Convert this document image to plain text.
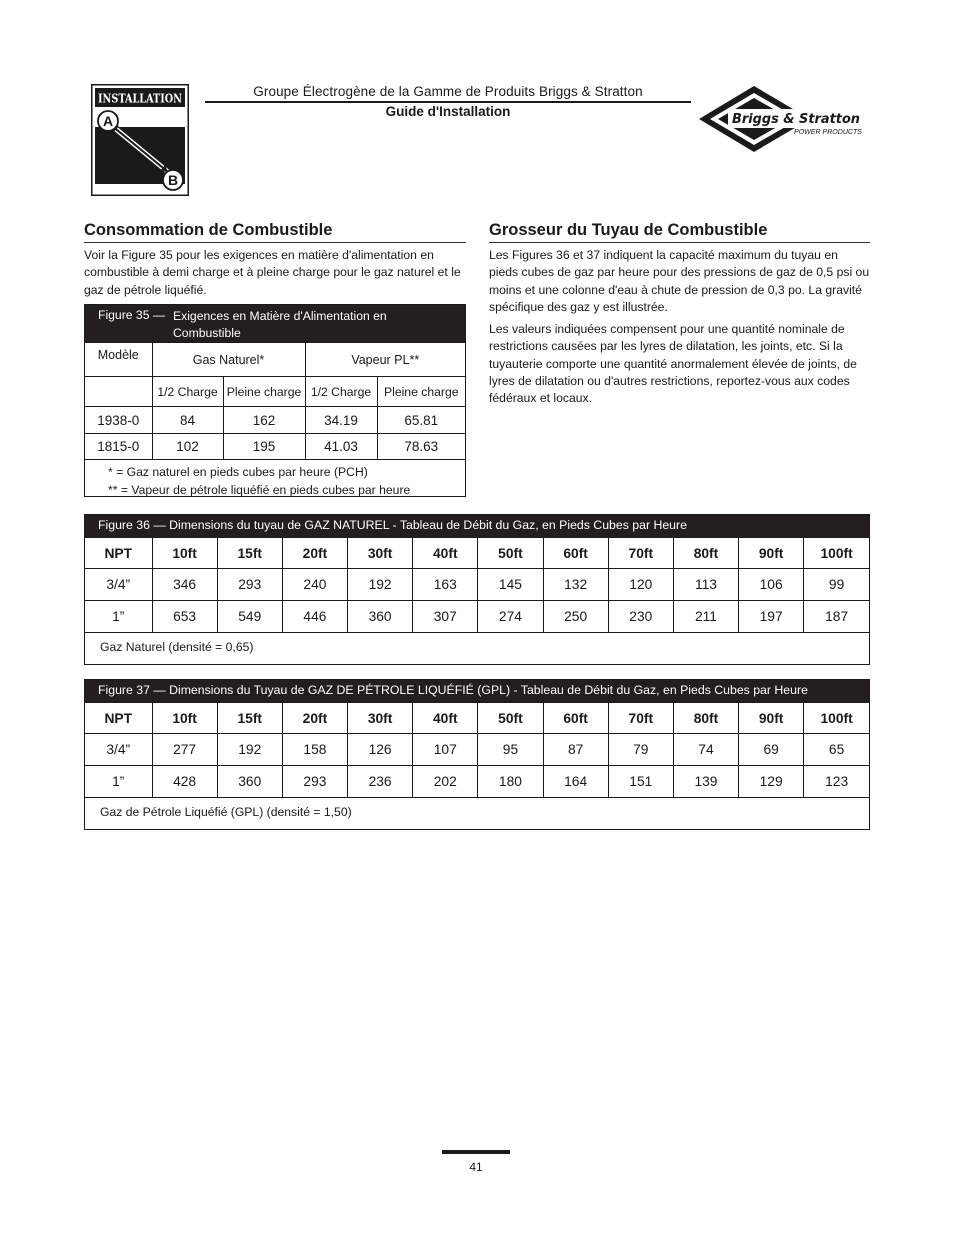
INSTALLATION
A
B
Groupe Électrogène de la Gamme de Produits Briggs & Stratton
Guide d'Installation
Briggs & Stratton
POWER PRODUCTS
Consommation de Combustible

Voir la Figure 35 pour les exigences en matière d'alimentation en combustible à demi charge et à pleine charge pour le gaz naturel et le gaz de pétrole liquéfié.

Figure 35 — Exigences en Matière d'Alimentation en Combustible
Modèle	Gas Naturel*		Vapeur PL**	
	1/2 Charge	Pleine charge	1/2 Charge	Pleine charge
1938-0	84	162	34.19	65.81
1815-0	102	195	41.03	78.63
* = Gaz naturel en pieds cubes par heure (PCH)
** = Vapeur de pétrole liquéfié en pieds cubes par heure
Grosseur du Tuyau de Combustible

Les Figures 36 et 37 indiquent la capacité maximum du tuyau en pieds cubes de gaz par heure pour des pressions de gaz de 0,5 psi ou moins et une colonne d'eau à chute de pression de 0,3 po. La gravité spécifique des gaz y est illustrée.

Les valeurs indiquées compensent pour une quantité nominale de restrictions causées par les lyres de dilatation, les joints, etc. Si la tuyauterie comporte une quantité anormalement élevée de joints, de lyres de dilatation ou d'autres restrictions, reportez-vous aux codes fédéraux et locaux.

Figure 36 — Dimensions du tuyau de GAZ NATUREL - Tableau de Débit du Gaz, en Pieds Cubes par Heure
NPT	10ft	15ft	20ft	30ft	40ft	50ft	60ft	70ft	80ft	90ft	100ft
3/4”	346	293	240	192	163	145	132	120	113	106	99
1”	653	549	446	360	307	274	250	230	211	197	187
Gaz Naturel (densité = 0,65)
Figure 37 — Dimensions du Tuyau de GAZ DE PÉTROLE LIQUÉFIÉ (GPL) - Tableau de Débit du Gaz, en Pieds Cubes par Heure
NPT	10ft	15ft	20ft	30ft	40ft	50ft	60ft	70ft	80ft	90ft	100ft
3/4”	277	192	158	126	107	95	87	79	74	69	65
1”	428	360	293	236	202	180	164	151	139	129	123
Gaz de Pétrole Liquéfié (GPL) (densité = 1,50)
41
